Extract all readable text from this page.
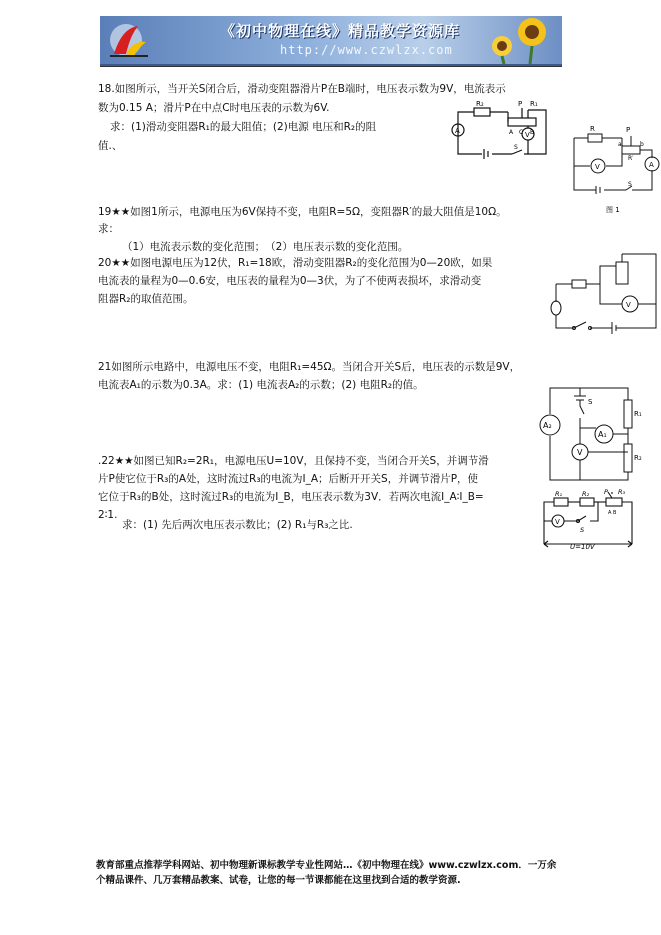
《初中物理在线》精品教学资源库
http://www.czwlzx.com
18.如图所示，当开关S闭合后，滑动变阻器滑片P在B端时，电压表示数为9V，电流表示
数为0.15 A；滑片P在中点C时电压表的示数为6V.
求：(1)滑动变阻器R₁的最大阻值；(2)电源 电压和R₂的阻
值.、
R₂	P R₁
A C B
A	V
S
R	P
a
R′
b
V	A
S
图 1
19★★如图1所示，电源电压为6V保持不变，电阻R=5Ω，变阻器R′的最大阻值是10Ω。
求：
（1）电流表示数的变化范围；　（2）电压表示数的变化范围。
20★★如图电源电压为12伏，R₁=18欧，滑动变阻器R₂的变化范围为0—20欧，如果
电流表的量程为0—0.6安，电压表的量程为0—3伏，为了不使两表损坏，求滑动变
阻器R₂的取值范围。	V
21如图所示电路中，电源电压不变，电阻R₁=45Ω。当闭合开关S后，电压表的示数是9V，
电流表A₁的示数为0.3A。求：(1) 电流表A₂的示数；(2) 电阻R₂的值。
S
R₁
A₂
A₁
V
R₂
.22★★如图已知R₂=2R₁，电源电压U=10V，且保持不变，当闭合开关S，并调节滑
片P使它位于R₃的A处，这时流过R₃的电流为I_A；后断开开关S，并调节滑片P，使
它位于R₃的B处，这时流过R₃的电流为I_B，电压表示数为3V．若两次电流I_A∶I_B=
2∶1.
求：(1) 先后两次电压表示数比；(2) R₁与R₃之比.
R₁	R₂ P R₃
A B
V
S
U=10V
教育部重点推荐学科网站、初中物理新课标教学专业性网站…《初中物理在线》www.czwlzx.com．一万余
个精品课件、几万套精品教案、试卷，让您的每一节课都能在这里找到合适的教学资源.
